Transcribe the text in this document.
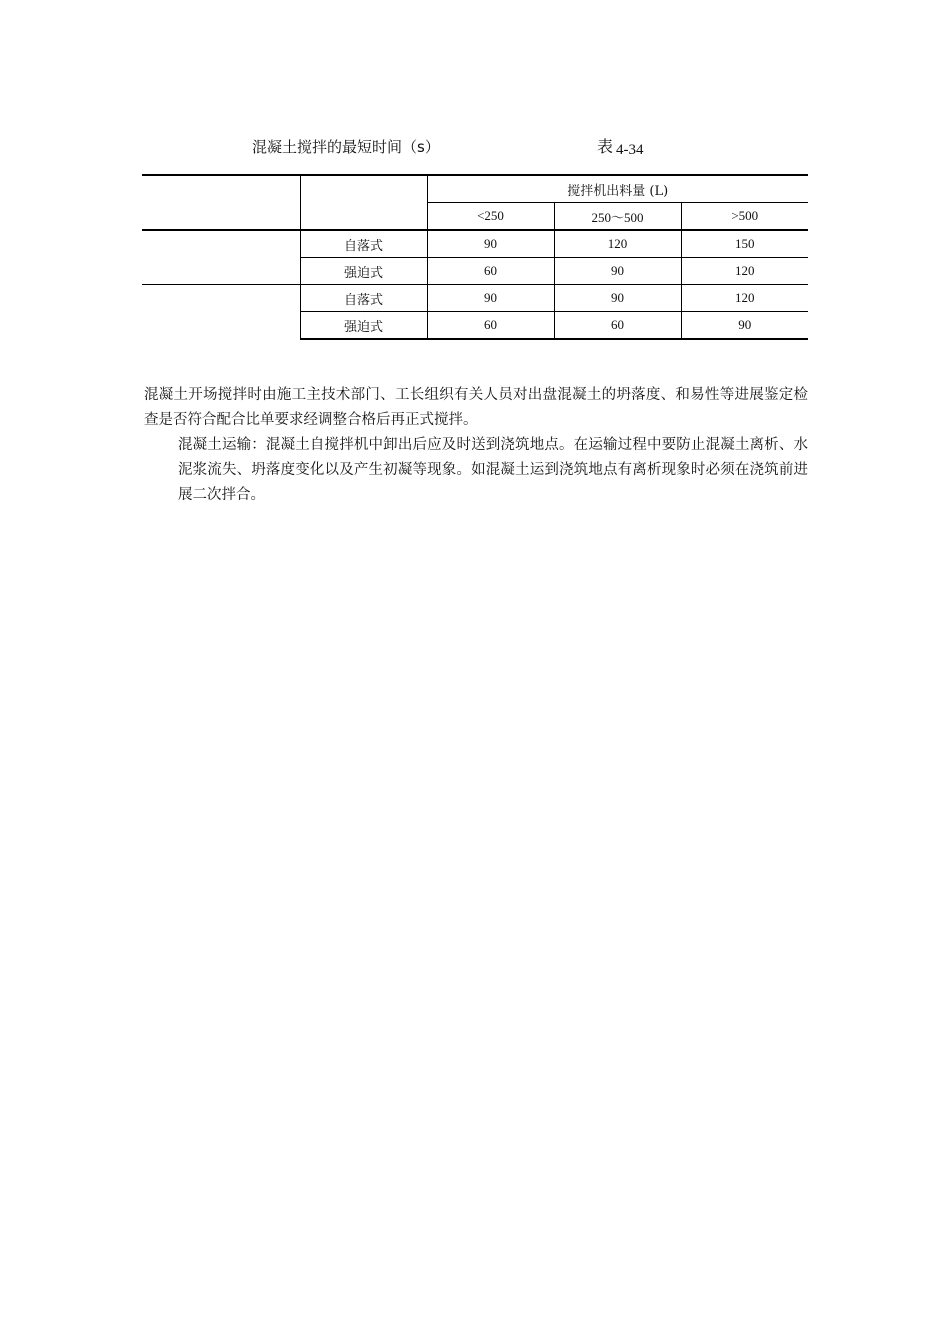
混凝土搅拌的最短时间（s）	表 4-34
		搅拌机出料量 (L)		
		<250	250～500	>500
	自落式	90	120	150
	强迫式	60	90	120
	自落式	90	90	120
	强迫式	60	60	90

混凝土开场搅拌时由施工主技术部门、工长组织有关人员对出盘混凝土的坍落度、和易性等进展鉴定检查是否符合配合比单要求经调整合格后再正式搅拌。

混凝土运输：混凝土自搅拌机中卸出后应及时送到浇筑地点。在运输过程中要防止混凝土离析、水泥浆流失、坍落度变化以及产生初凝等现象。如混凝土运到浇筑地点有离析现象时必须在浇筑前进展二次拌合。
